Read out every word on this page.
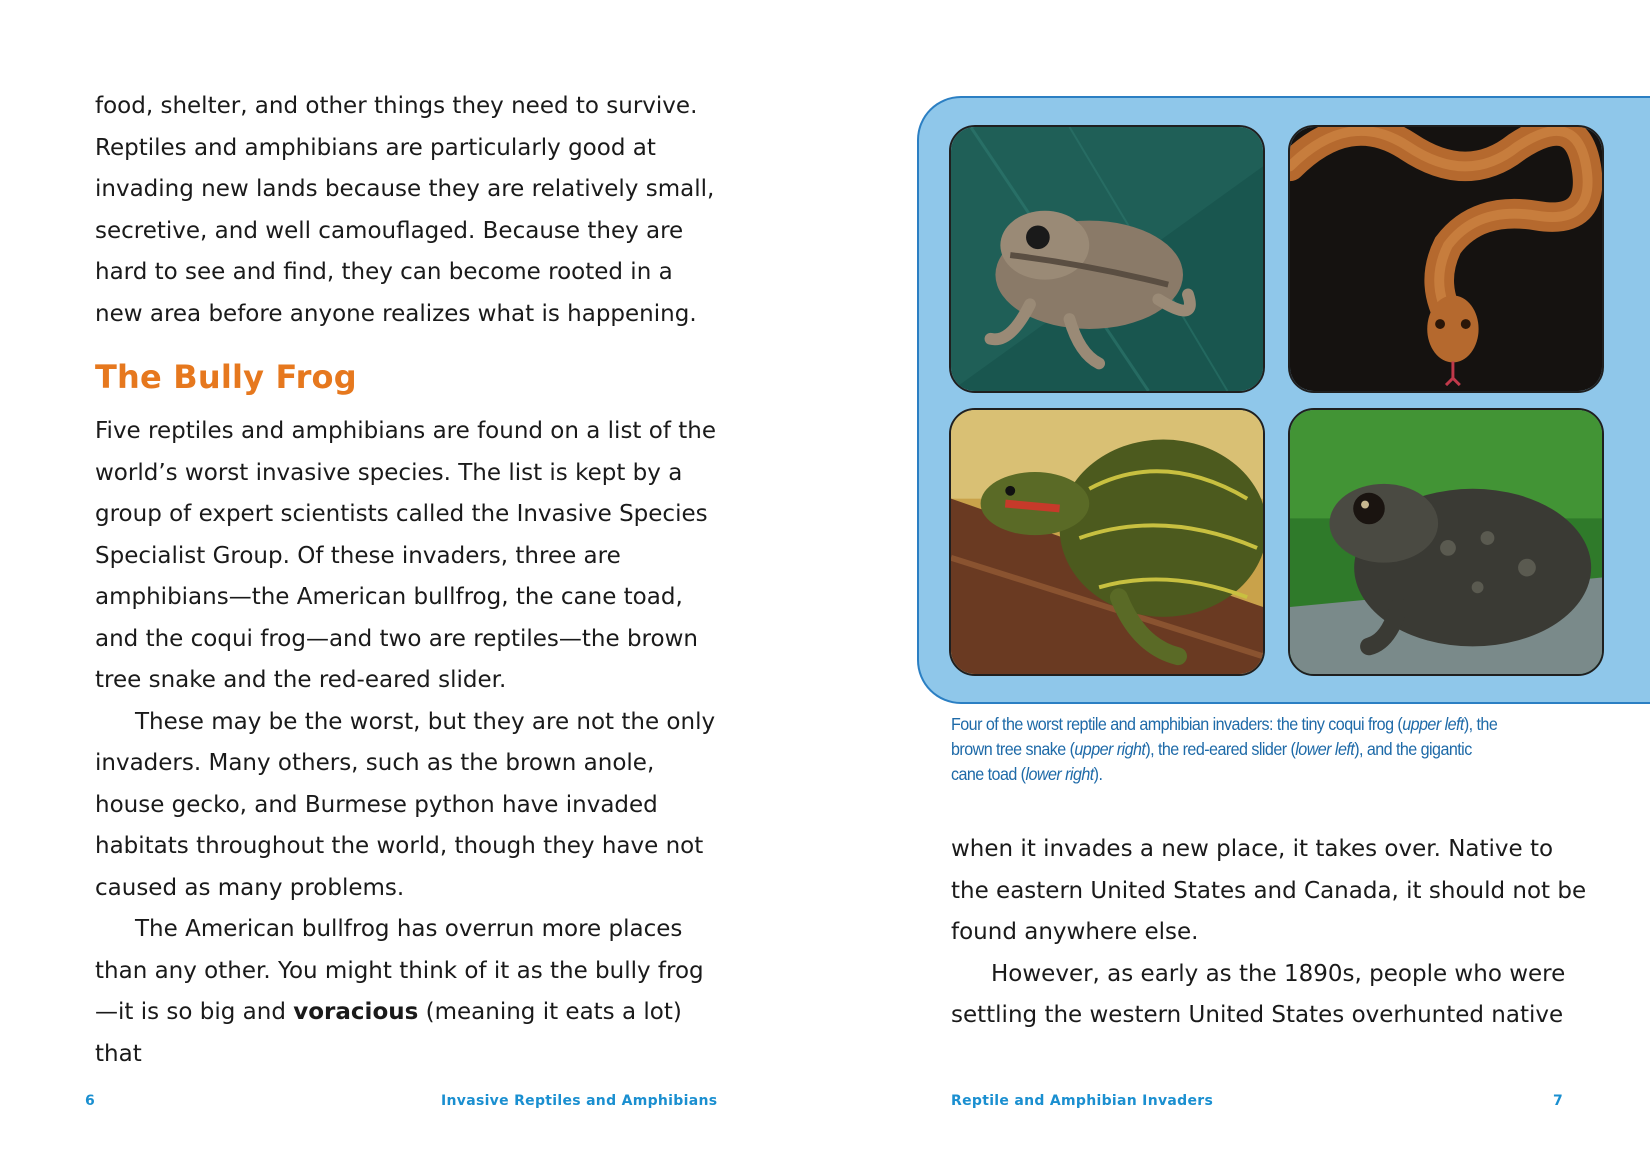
food, shelter, and other things they need to survive. Reptiles and amphibians are particularly good at invading new lands because they are relatively small, secretive, and well camouflaged. Because they are hard to see and find, they can become rooted in a new area before anyone realizes what is happening.

The Bully Frog

Five reptiles and amphibians are found on a list of the world’s worst invasive species. The list is kept by a group of expert scientists called the Invasive Species Specialist Group. Of these invaders, three are amphibians—the American bullfrog, the cane toad, and the coqui frog—and two are reptiles—the brown tree snake and the red-eared slider.

These may be the worst, but they are not the only invaders. Many others, such as the brown anole, house gecko, and Burmese python have invaded habitats throughout the world, though they have not caused as many problems.

The American bullfrog has overrun more places than any other. You might think of it as the bully frog—it is so big and voracious (meaning it eats a lot) that

Four of the worst reptile and amphibian invaders: the tiny coqui frog (upper left), the brown tree snake (upper right), the red-eared slider (lower left), and the gigantic cane toad (lower right).

when it invades a new place, it takes over. Native to the eastern United States and Canada, it should not be found anywhere else.

However, as early as the 1890s, people who were settling the western United States overhunted native

6	Invasive Reptiles and Amphibians	Reptile and Amphibian Invaders	7
